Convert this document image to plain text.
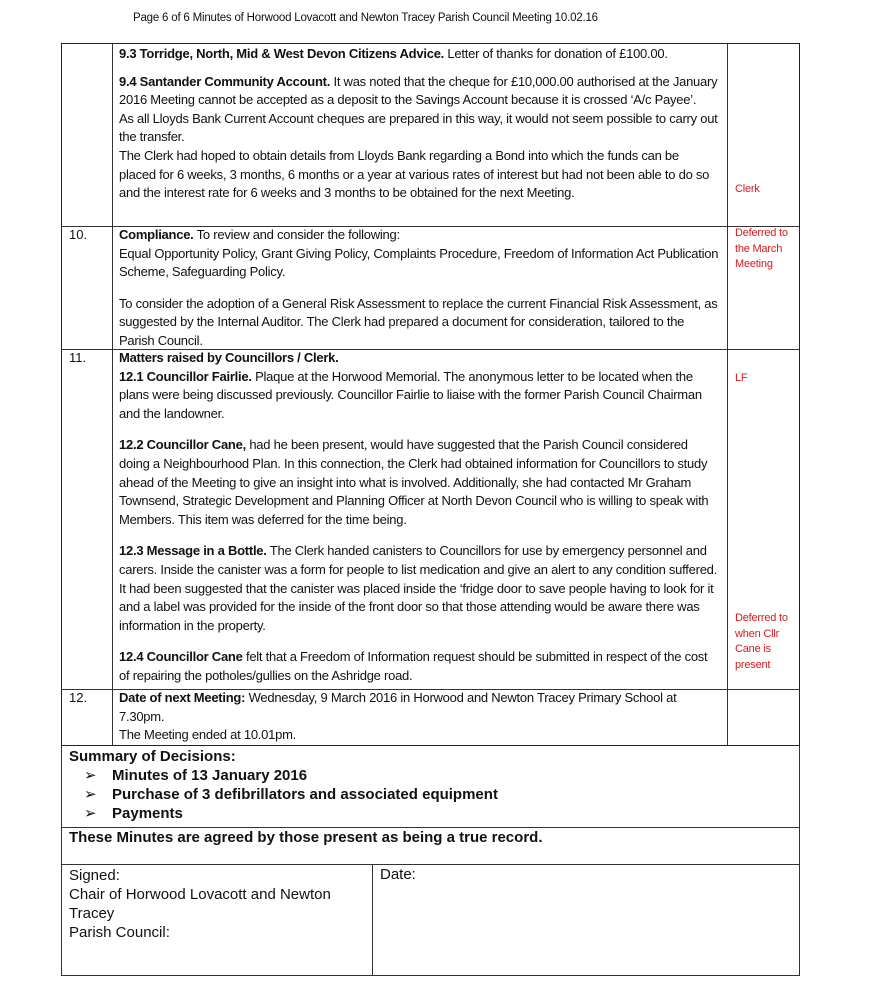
Page 6 of 6 Minutes of Horwood Lovacott and Newton Tracey Parish Council Meeting 10.02.16

9.3 Torridge, North, Mid & West Devon Citizens Advice. Letter of thanks for donation of £100.00.

9.4 Santander Community Account. It was noted that the cheque for £10,000.00 authorised at the January 2016 Meeting cannot be accepted as a deposit to the Savings Account because it is crossed ‘A/c Payee’.

As all Lloyds Bank Current Account cheques are prepared in this way, it would not seem possible to carry out the transfer.

The Clerk had hoped to obtain details from Lloyds Bank regarding a Bond into which the funds can be placed for 6 weeks, 3 months, 6 months or a year at various rates of interest but had not been able to do so and the interest rate for 6 weeks and 3 months to be obtained for the next Meeting.	Clerk
10. Compliance. To review and consider the following:

Equal Opportunity Policy, Grant Giving Policy, Complaints Procedure, Freedom of Information Act Publication Scheme, Safeguarding Policy.

To consider the adoption of a General Risk Assessment to replace the current Financial Risk Assessment, as suggested by the Internal Auditor. The Clerk had prepared a document for consideration, tailored to the Parish Council.

Deferred to the March Meeting
11.	Matters raised by Councillors / Clerk.

12.1 Councillor Fairlie. Plaque at the Horwood Memorial. The anonymous letter to be located when the plans were being discussed previously. Councillor Fairlie to liaise with the former Parish Council Chairman and the landowner.

12.2 Councillor Cane, had he been present, would have suggested that the Parish Council considered doing a Neighbourhood Plan. In this connection, the Clerk had obtained information for Councillors to study ahead of the Meeting to give an insight into what is involved. Additionally, she had contacted Mr Graham Townsend, Strategic Development and Planning Officer at North Devon Council who is willing to speak with Members. This item was deferred for the time being.

12.3 Message in a Bottle. The Clerk handed canisters to Councillors for use by emergency personnel and carers. Inside the canister was a form for people to list medication and give an alert to any condition suffered. It had been suggested that the canister was placed inside the ‘fridge door to save people having to look for it and a label was provided for the inside of the front door so that those attending would be aware there was information in the property.

12.4 Councillor Cane felt that a Freedom of Information request should be submitted in respect of the cost of repairing the potholes/gullies on the Ashridge road.

LF
Deferred to when Cllr Cane is present
12. Date of next Meeting: Wednesday, 9 March 2016 in Horwood and Newton Tracey Primary School at 7.30pm.

The Meeting ended at 10.01pm.

Summary of Decisions:
➢ Minutes of 13 January 2016
➢ Purchase of 3 defibrillators and associated equipment
➢ Payments
These Minutes are agreed by those present as being a true record.
Signed:
Chair of Horwood Lovacott and Newton Tracey
Parish Council:
Date:
